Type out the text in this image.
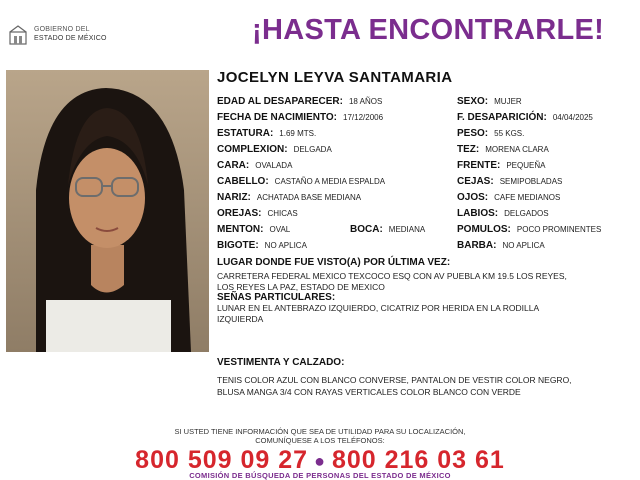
GOBIERNO DEL
ESTADO DE MÉXICO	¡HASTA ENCONTRARLE!
JOCELYN LEYVA SANTAMARIA
EDAD AL DESAPARECER: 18 AÑOS
FECHA DE NACIMIENTO: 17/12/2006
ESTATURA: 1.69 MTS.
COMPLEXION: DELGADA
CARA: OVALADA
CABELLO: CASTAÑO A MEDIA ESPALDA
NARIZ: ACHATADA BASE MEDIANA
OREJAS: CHICAS
MENTON: OVAL	BOCA: MEDIANA
BIGOTE: NO APLICA
SEXO: MUJER
F. DESAPARICIÓN: 04/04/2025
PESO: 55 KGS.
TEZ: MORENA CLARA
FRENTE: PEQUEÑA
CEJAS: SEMIPOBLADAS
OJOS: CAFE MEDIANOS
LABIOS: DELGADOS
POMULOS: POCO PROMINENTES
BARBA: NO APLICA
LUGAR DONDE FUE VISTO(A) POR ÚLTIMA VEZ:
CARRETERA FEDERAL MEXICO TEXCOCO ESQ CON AV PUEBLA KM 19.5 LOS REYES,
LOS REYES LA PAZ, ESTADO DE MEXICO
SEÑAS PARTICULARES:
LUNAR EN EL ANTEBRAZO IZQUIERDO, CICATRIZ POR HERIDA EN LA RODILLA
IZQUIERDA
VESTIMENTA Y CALZADO:
TENIS COLOR AZUL CON BLANCO CONVERSE, PANTALON DE VESTIR COLOR NEGRO,
BLUSA MANGA 3/4 CON RAYAS VERTICALES COLOR BLANCO CON VERDE
SI USTED TIENE INFORMACIÓN QUE SEA DE UTILIDAD PARA SU LOCALIZACIÓN,
COMUNÍQUESE A LOS TELÉFONOS:
800 509 09 27 ● 800 216 03 61
COMISIÓN DE BÚSQUEDA DE PERSONAS DEL ESTADO DE MÉXICO
